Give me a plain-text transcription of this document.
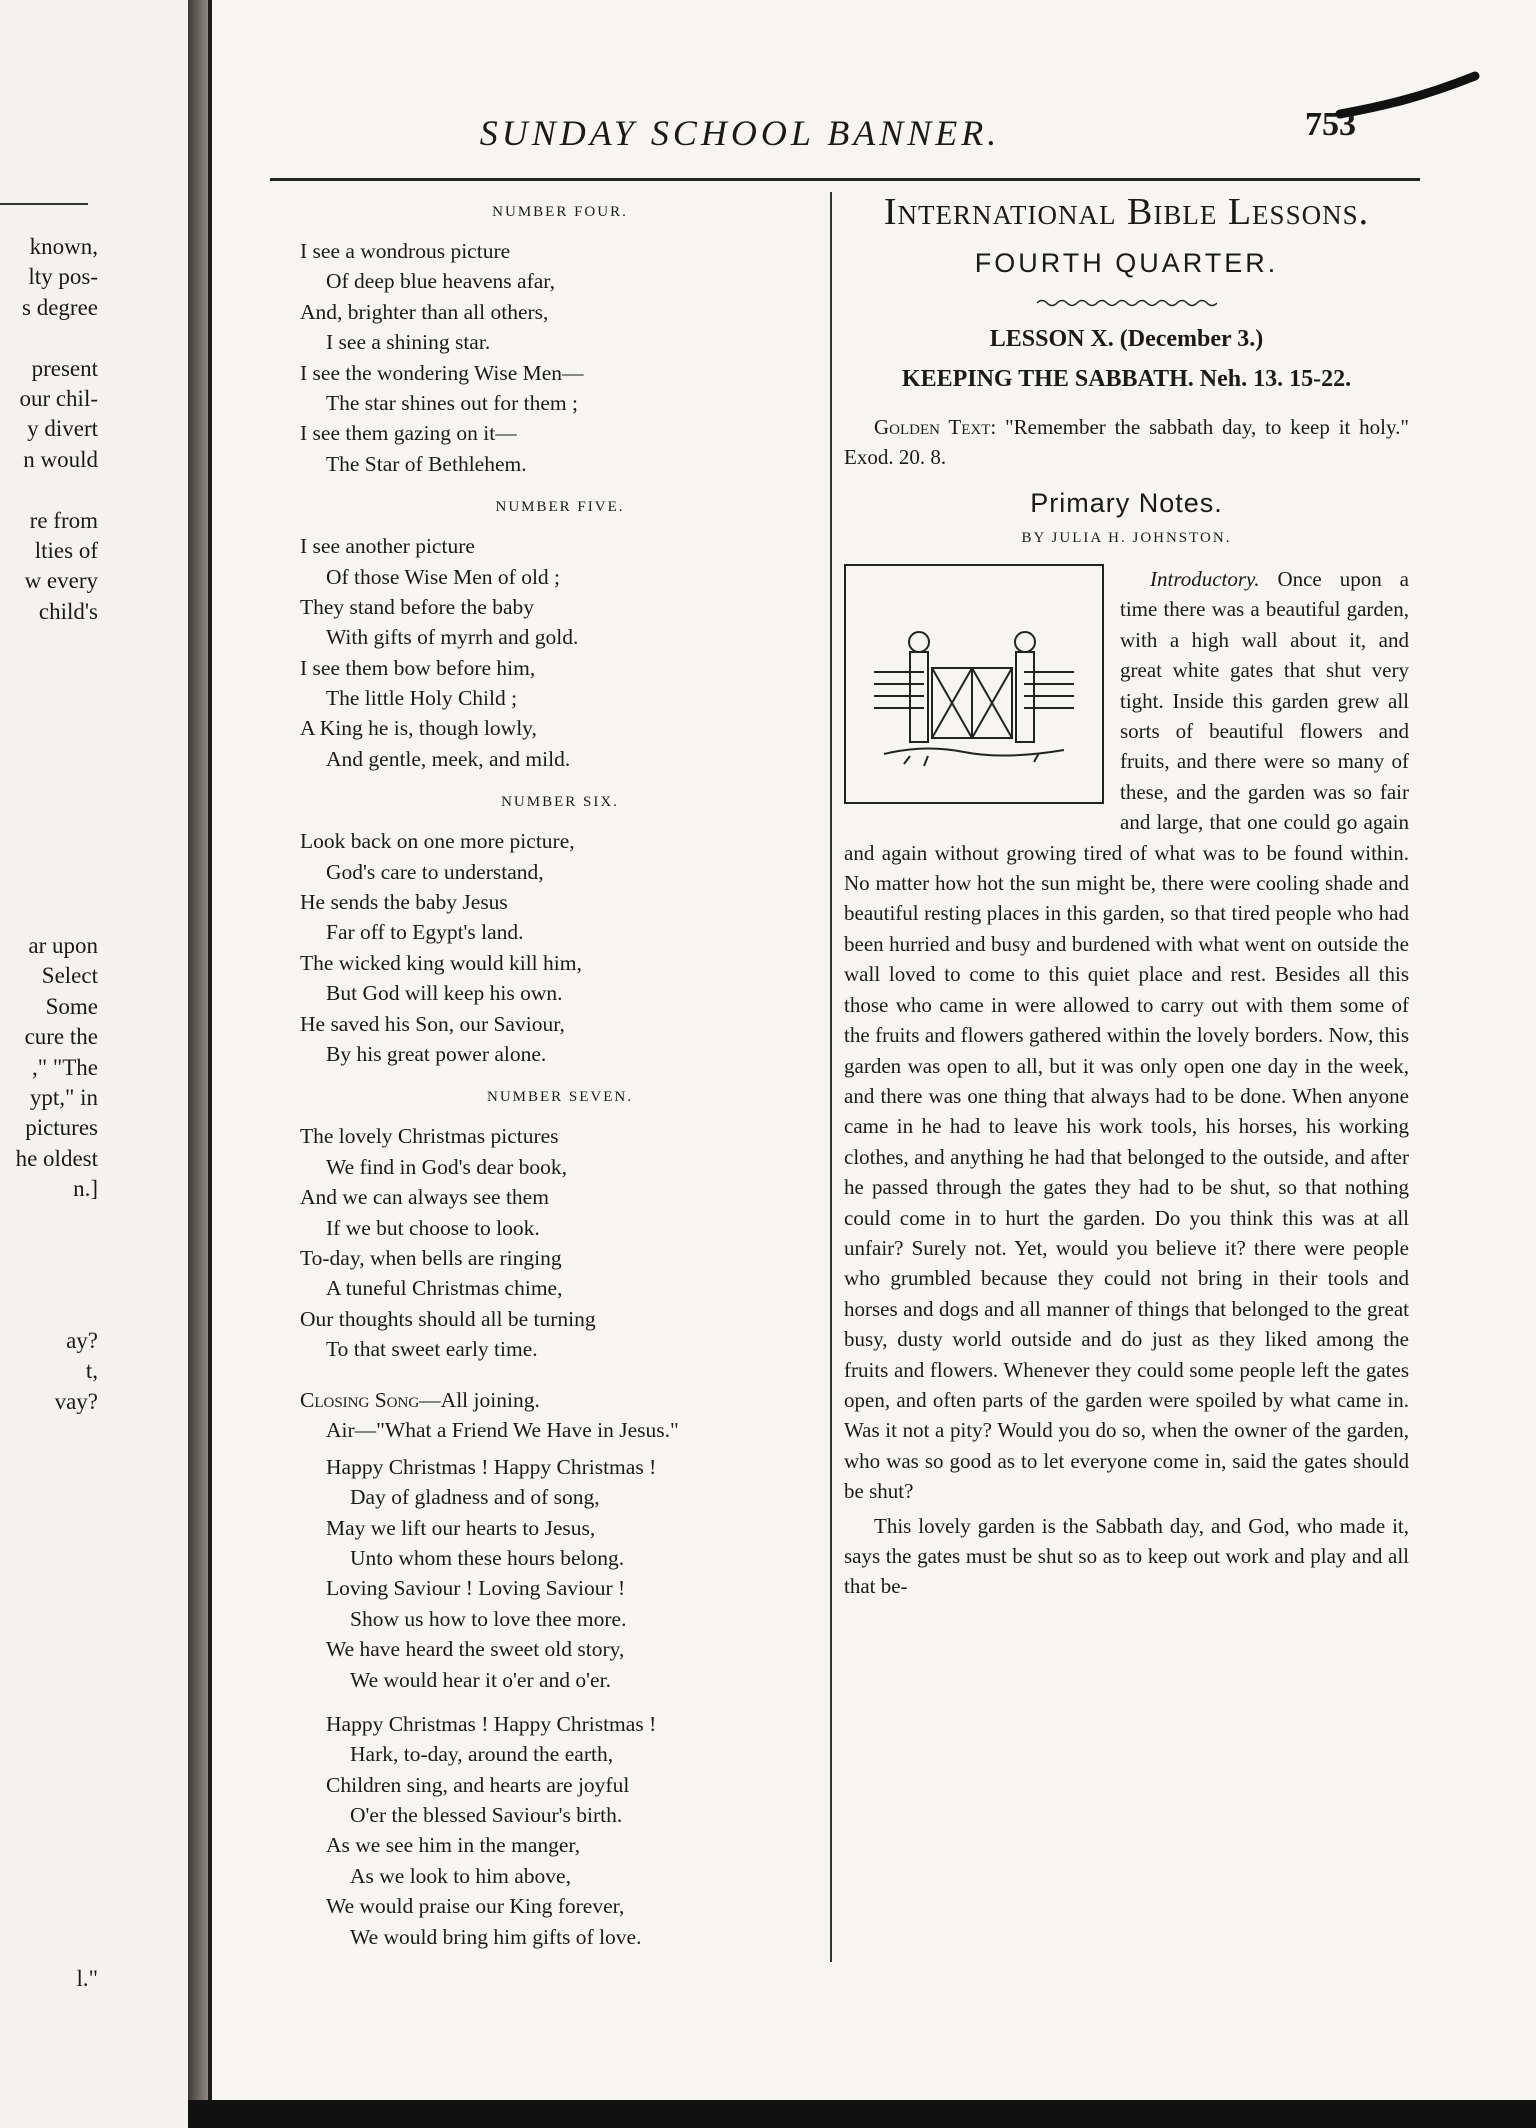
known,
lty pos-
s degree
present
our chil-
y divert
n would
re from
lties of
w every
child's
ar upon
Select
Some
cure the
," "The
ypt," in
pictures
he oldest
n.]
ay?
t,
vay?
l."
SUNDAY SCHOOL BANNER.	753
NUMBER FOUR.
I see a wondrous picture
Of deep blue heavens afar,
And, brighter than all others,
I see a shining star.
I see the wondering Wise Men—
The star shines out for them ;
I see them gazing on it—
The Star of Bethlehem.
NUMBER FIVE.
I see another picture
Of those Wise Men of old ;
They stand before the baby
With gifts of myrrh and gold.
I see them bow before him,
The little Holy Child ;
A King he is, though lowly,
And gentle, meek, and mild.
NUMBER SIX.
Look back on one more picture,
God's care to understand,
He sends the baby Jesus
Far off to Egypt's land.
The wicked king would kill him,
But God will keep his own.
He saved his Son, our Saviour,
By his great power alone.
NUMBER SEVEN.
The lovely Christmas pictures
We find in God's dear book,
And we can always see them
If we but choose to look.
To-day, when bells are ringing
A tuneful Christmas chime,
Our thoughts should all be turning
To that sweet early time.
Closing Song—All joining.
Air—"What a Friend We Have in Jesus."
Happy Christmas ! Happy Christmas !
Day of gladness and of song,
May we lift our hearts to Jesus,
Unto whom these hours belong.
Loving Saviour ! Loving Saviour !
Show us how to love thee more.
We have heard the sweet old story,
We would hear it o'er and o'er.
Happy Christmas ! Happy Christmas !
Hark, to-day, around the earth,
Children sing, and hearts are joyful
O'er the blessed Saviour's birth.
As we see him in the manger,
As we look to him above,
We would praise our King forever,
We would bring him gifts of love.
International Bible Lessons.
FOURTH QUARTER.
LESSON X. (December 3.)
KEEPING THE SABBATH. Neh. 13. 15-22.
Golden Text: "Remember the sabbath day, to keep it holy." Exod. 20. 8.
Primary Notes.
BY JULIA H. JOHNSTON.

Introductory. Once upon a time there was a beautiful garden, with a high wall about it, and great white gates that shut very tight. Inside this garden grew all sorts of beautiful flowers and fruits, and there were so many of these, and the garden was so fair and large, that one could go again and again without growing tired of what was to be found within. No matter how hot the sun might be, there were cooling shade and beautiful resting places in this garden, so that tired people who had been hurried and busy and burdened with what went on outside the wall loved to come to this quiet place and rest. Besides all this those who came in were allowed to carry out with them some of the fruits and flowers gathered within the lovely borders. Now, this garden was open to all, but it was only open one day in the week, and there was one thing that always had to be done. When anyone came in he had to leave his work tools, his horses, his working clothes, and anything he had that belonged to the outside, and after he passed through the gates they had to be shut, so that nothing could come in to hurt the garden. Do you think this was at all unfair? Surely not. Yet, would you believe it? there were people who grumbled because they could not bring in their tools and horses and dogs and all manner of things that belonged to the great busy, dusty world outside and do just as they liked among the fruits and flowers. Whenever they could some people left the gates open, and often parts of the garden were spoiled by what came in. Was it not a pity? Would you do so, when the owner of the garden, who was so good as to let everyone come in, said the gates should be shut?

This lovely garden is the Sabbath day, and God, who made it, says the gates must be shut so as to keep out work and play and all that be-
